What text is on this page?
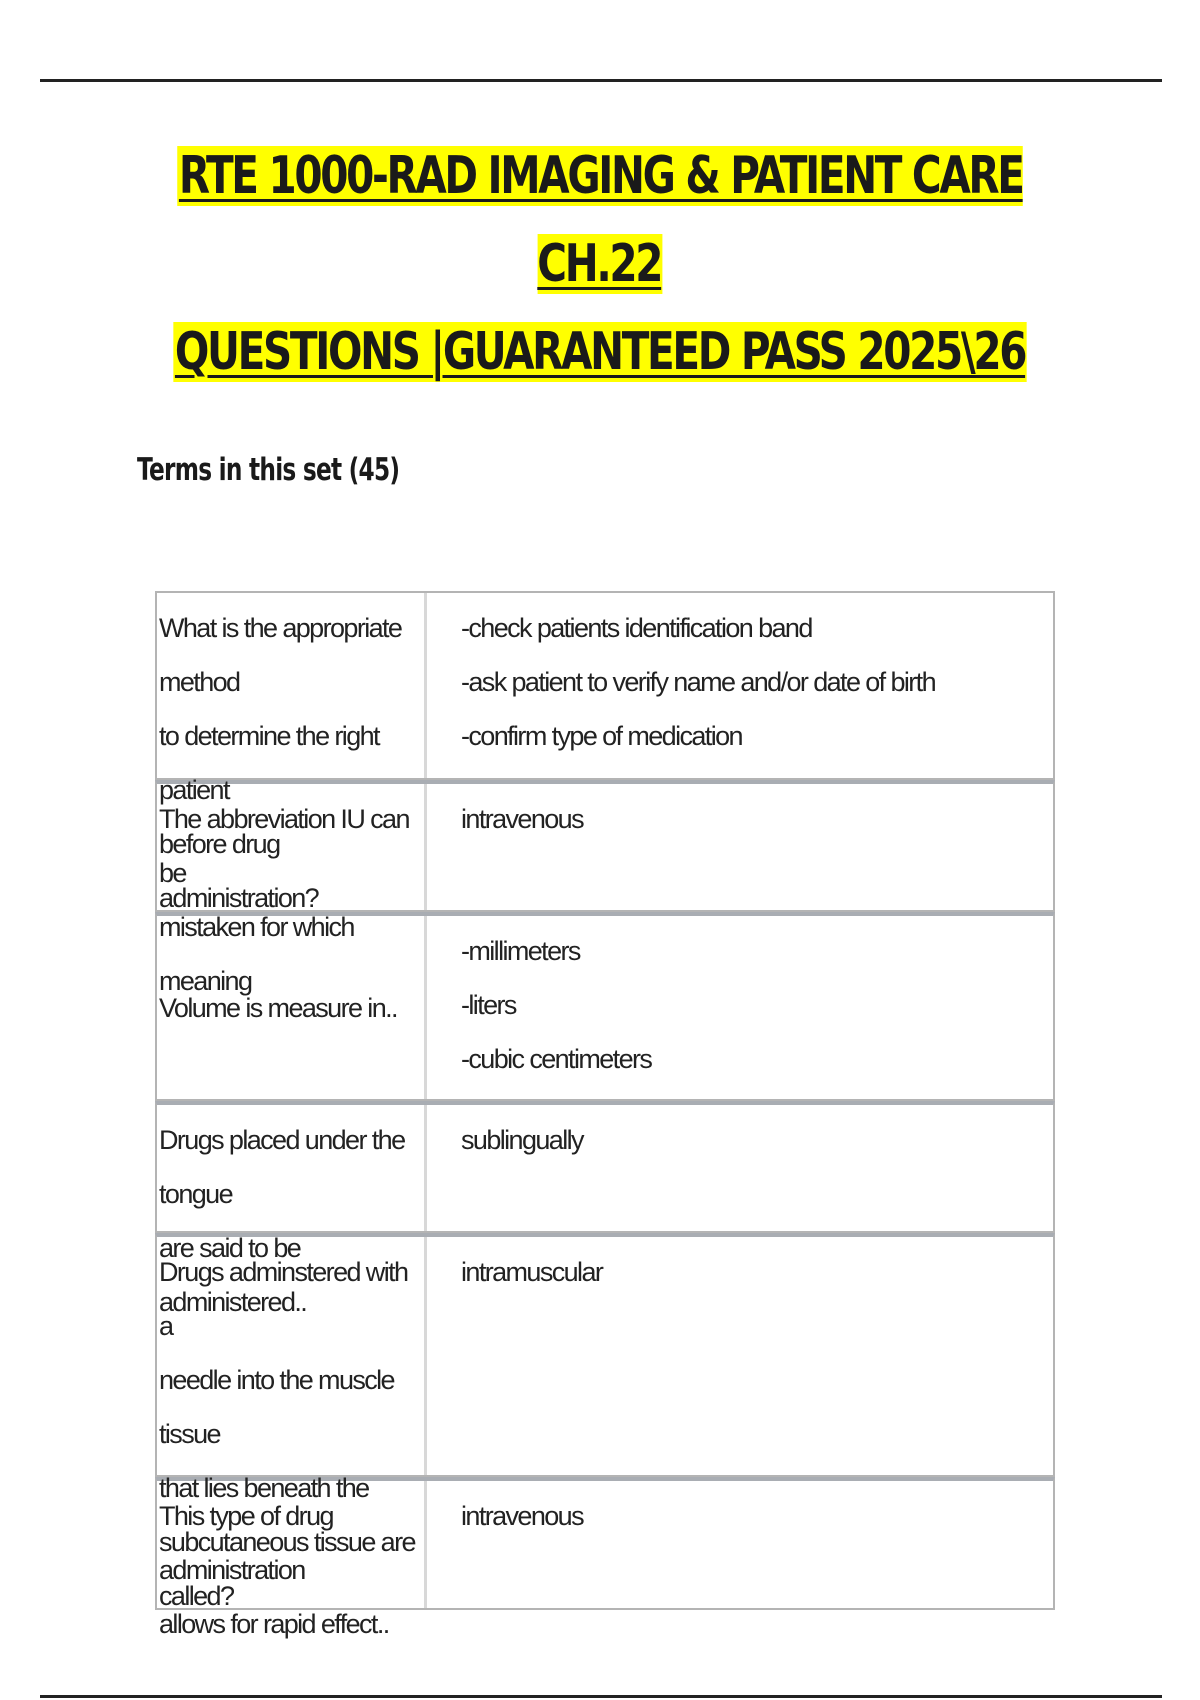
RTE 1000-RAD IMAGING & PATIENT CARE CH.22
QUESTIONS |GUARANTEED PASS 2025\26
Terms in this set (45)
What is the appropriate method
to determine the right patient
before drug administration?
-check patients identification band
-ask patient to verify name and/or date of birth
-confirm type of medication
The abbreviation IU can be
mistaken for which meaning
intravenous
Volume is measure in..
-millimeters
-liters
-cubic centimeters
Drugs placed under the tongue
are said to be administered..
sublingually
Drugs adminstered with a
needle into the muscle tissue
that lies beneath the
subcutaneous tissue are called?
intramuscular
This type of drug administration
allows for rapid effect..
intravenous
